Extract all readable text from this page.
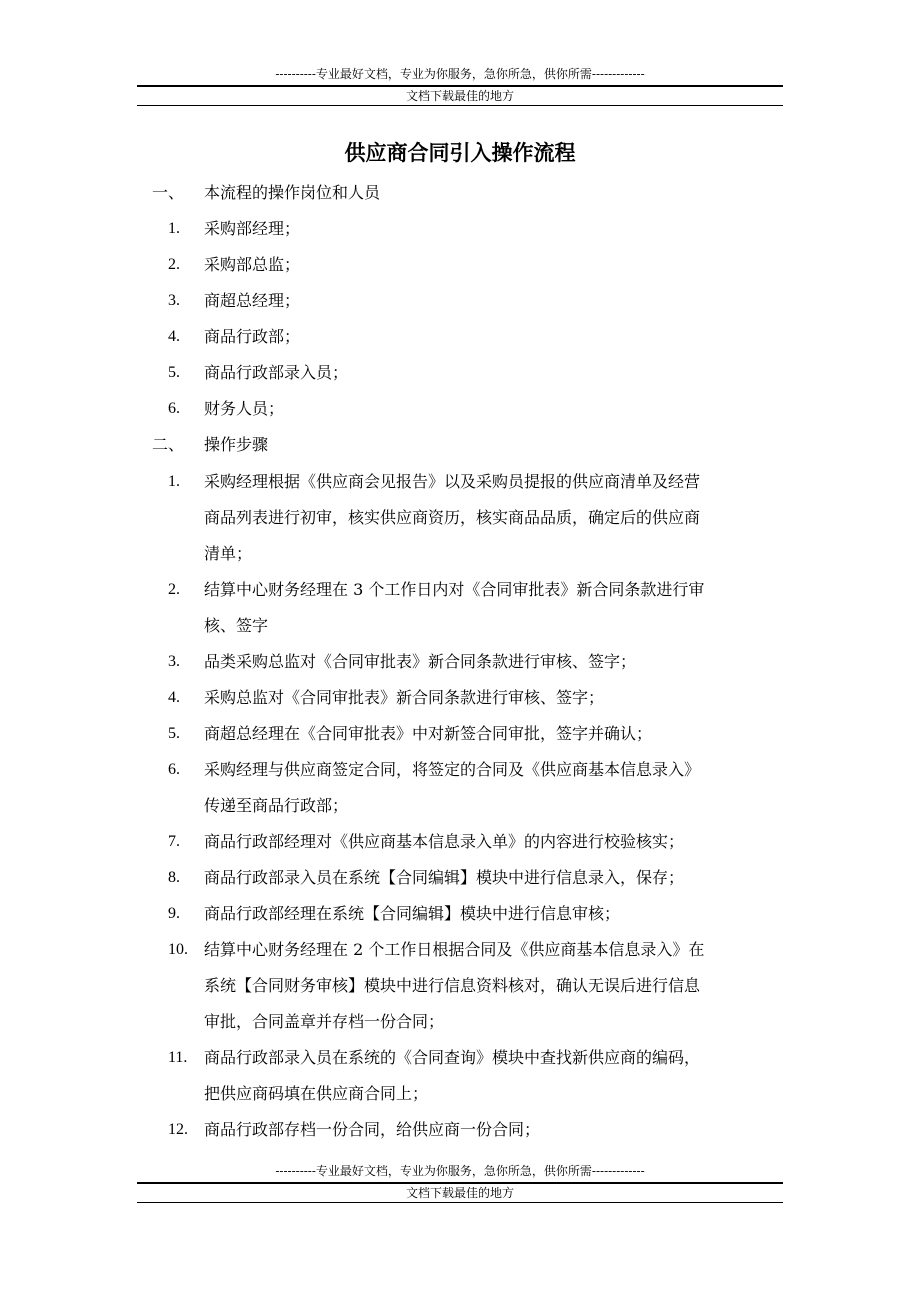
----------专业最好文档，专业为你服务，急你所急，供你所需-------------
文档下载最佳的地方
供应商合同引入操作流程
一、 本流程的操作岗位和人员
1.	采购部经理；
2.	采购部总监；
3.	商超总经理；
4.	商品行政部；
5.	商品行政部录入员；
6.	财务人员；
二、 操作步骤
1.	采购经理根据《供应商会见报告》以及采购员提报的供应商清单及经营
商品列表进行初审，核实供应商资历，核实商品品质，确定后的供应商
清单；
2.	结算中心财务经理在 3 个工作日内对《合同审批表》新合同条款进行审
核、签字
3.	品类采购总监对《合同审批表》新合同条款进行审核、签字；
4.	采购总监对《合同审批表》新合同条款进行审核、签字；
5.	商超总经理在《合同审批表》中对新签合同审批，签字并确认；
6.	采购经理与供应商签定合同，将签定的合同及《供应商基本信息录入》
传递至商品行政部；
7.	商品行政部经理对《供应商基本信息录入单》的内容进行校验核实；
8.	商品行政部录入员在系统【合同编辑】模块中进行信息录入，保存；
9.	商品行政部经理在系统【合同编辑】模块中进行信息审核；
10.	结算中心财务经理在 2 个工作日根据合同及《供应商基本信息录入》在
系统【合同财务审核】模块中进行信息资料核对，确认无误后进行信息
审批，合同盖章并存档一份合同；
11.	商品行政部录入员在系统的《合同查询》模块中查找新供应商的编码，
把供应商码填在供应商合同上；
12.	商品行政部存档一份合同，给供应商一份合同；
----------专业最好文档，专业为你服务，急你所急，供你所需-------------
文档下载最佳的地方
